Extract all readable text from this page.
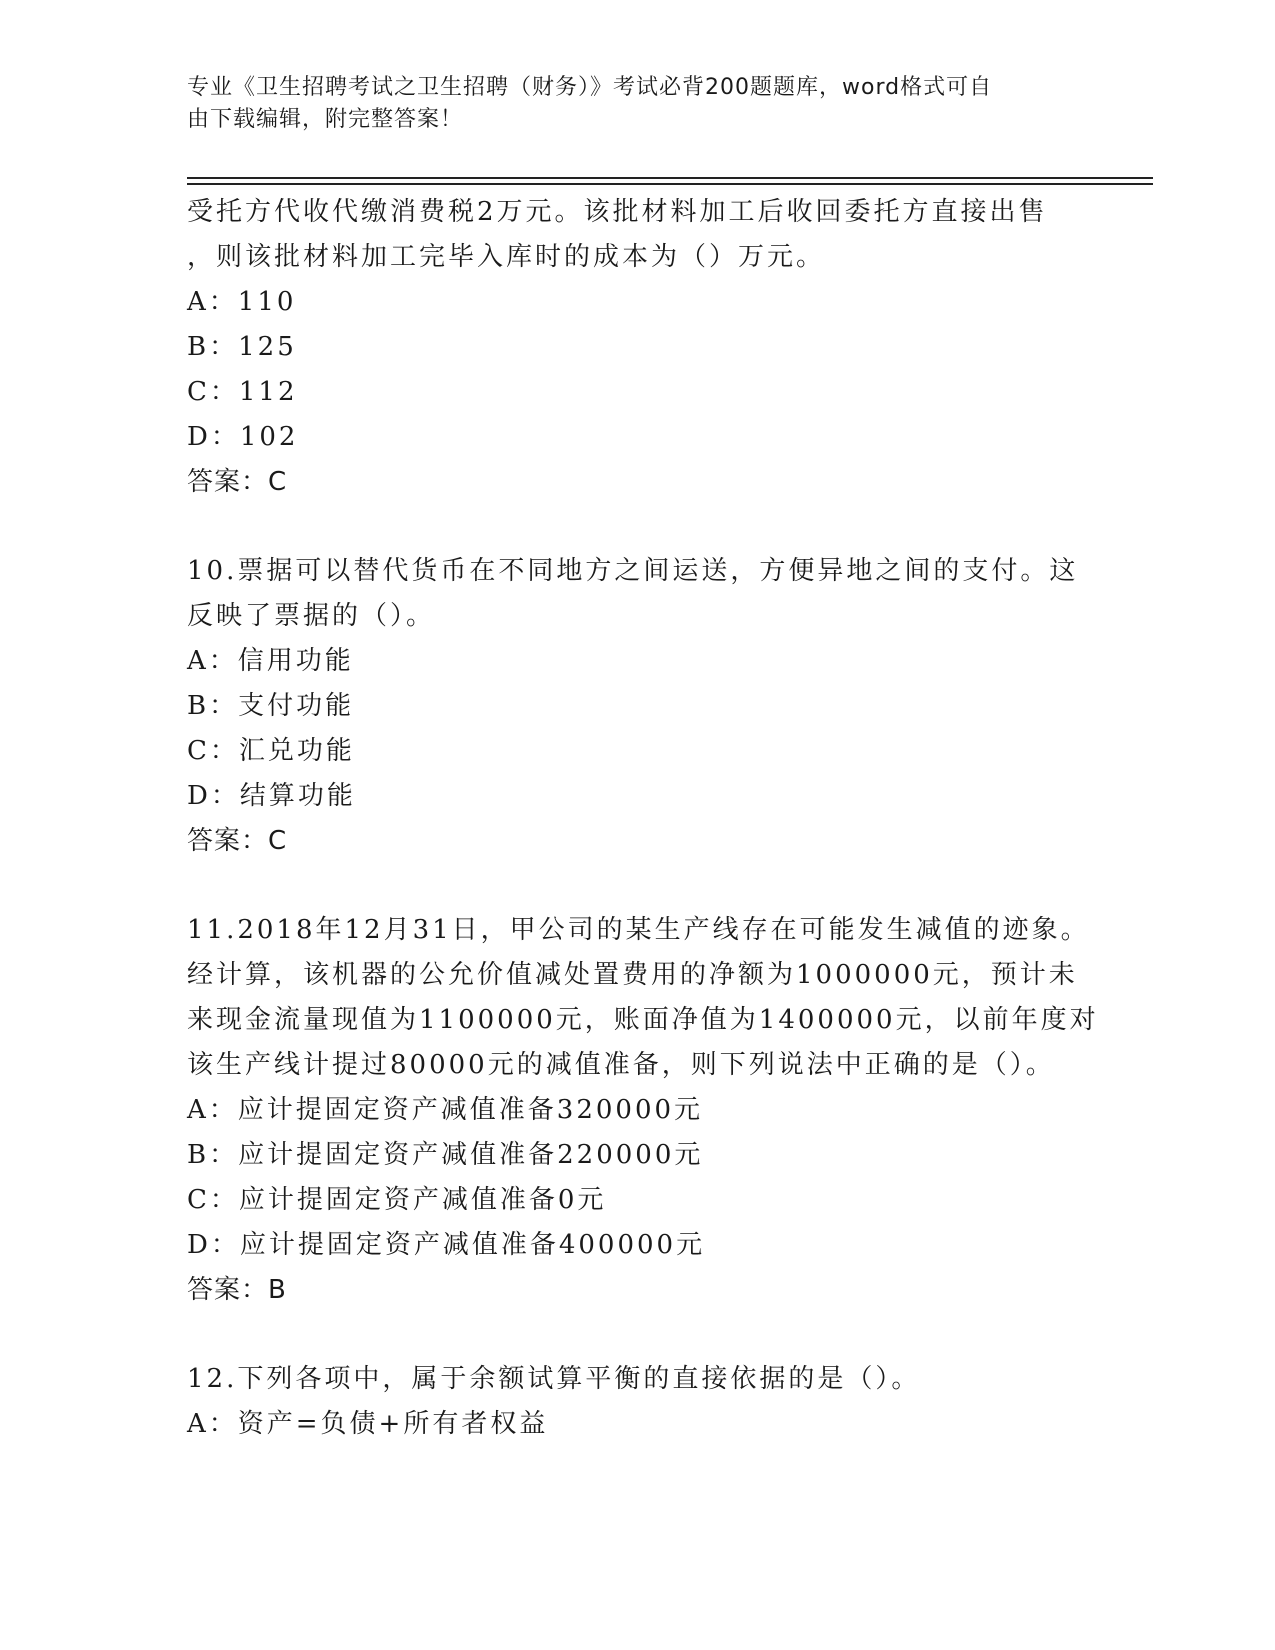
专业《卫生招聘考试之卫生招聘（财务）》考试必背200题题库，word格式可自
由下载编辑，附完整答案！
受托方代收代缴消费税2万元。该批材料加工后收回委托方直接出售
，则该批材料加工完毕入库时的成本为（）万元。
A：110
B：125
C：112
D：102
答案：C
10.票据可以替代货币在不同地方之间运送，方便异地之间的支付。这
反映了票据的（）。
A：信用功能
B：支付功能
C：汇兑功能
D：结算功能
答案：C
11.2018年12月31日，甲公司的某生产线存在可能发生减值的迹象。
经计算，该机器的公允价值减处置费用的净额为1000000元，预计未
来现金流量现值为1100000元，账面净值为1400000元，以前年度对
该生产线计提过80000元的减值准备，则下列说法中正确的是（）。
A：应计提固定资产减值准备320000元
B：应计提固定资产减值准备220000元
C：应计提固定资产减值准备0元
D：应计提固定资产减值准备400000元
答案：B
12.下列各项中，属于余额试算平衡的直接依据的是（）。
A：资产=负债+所有者权益
